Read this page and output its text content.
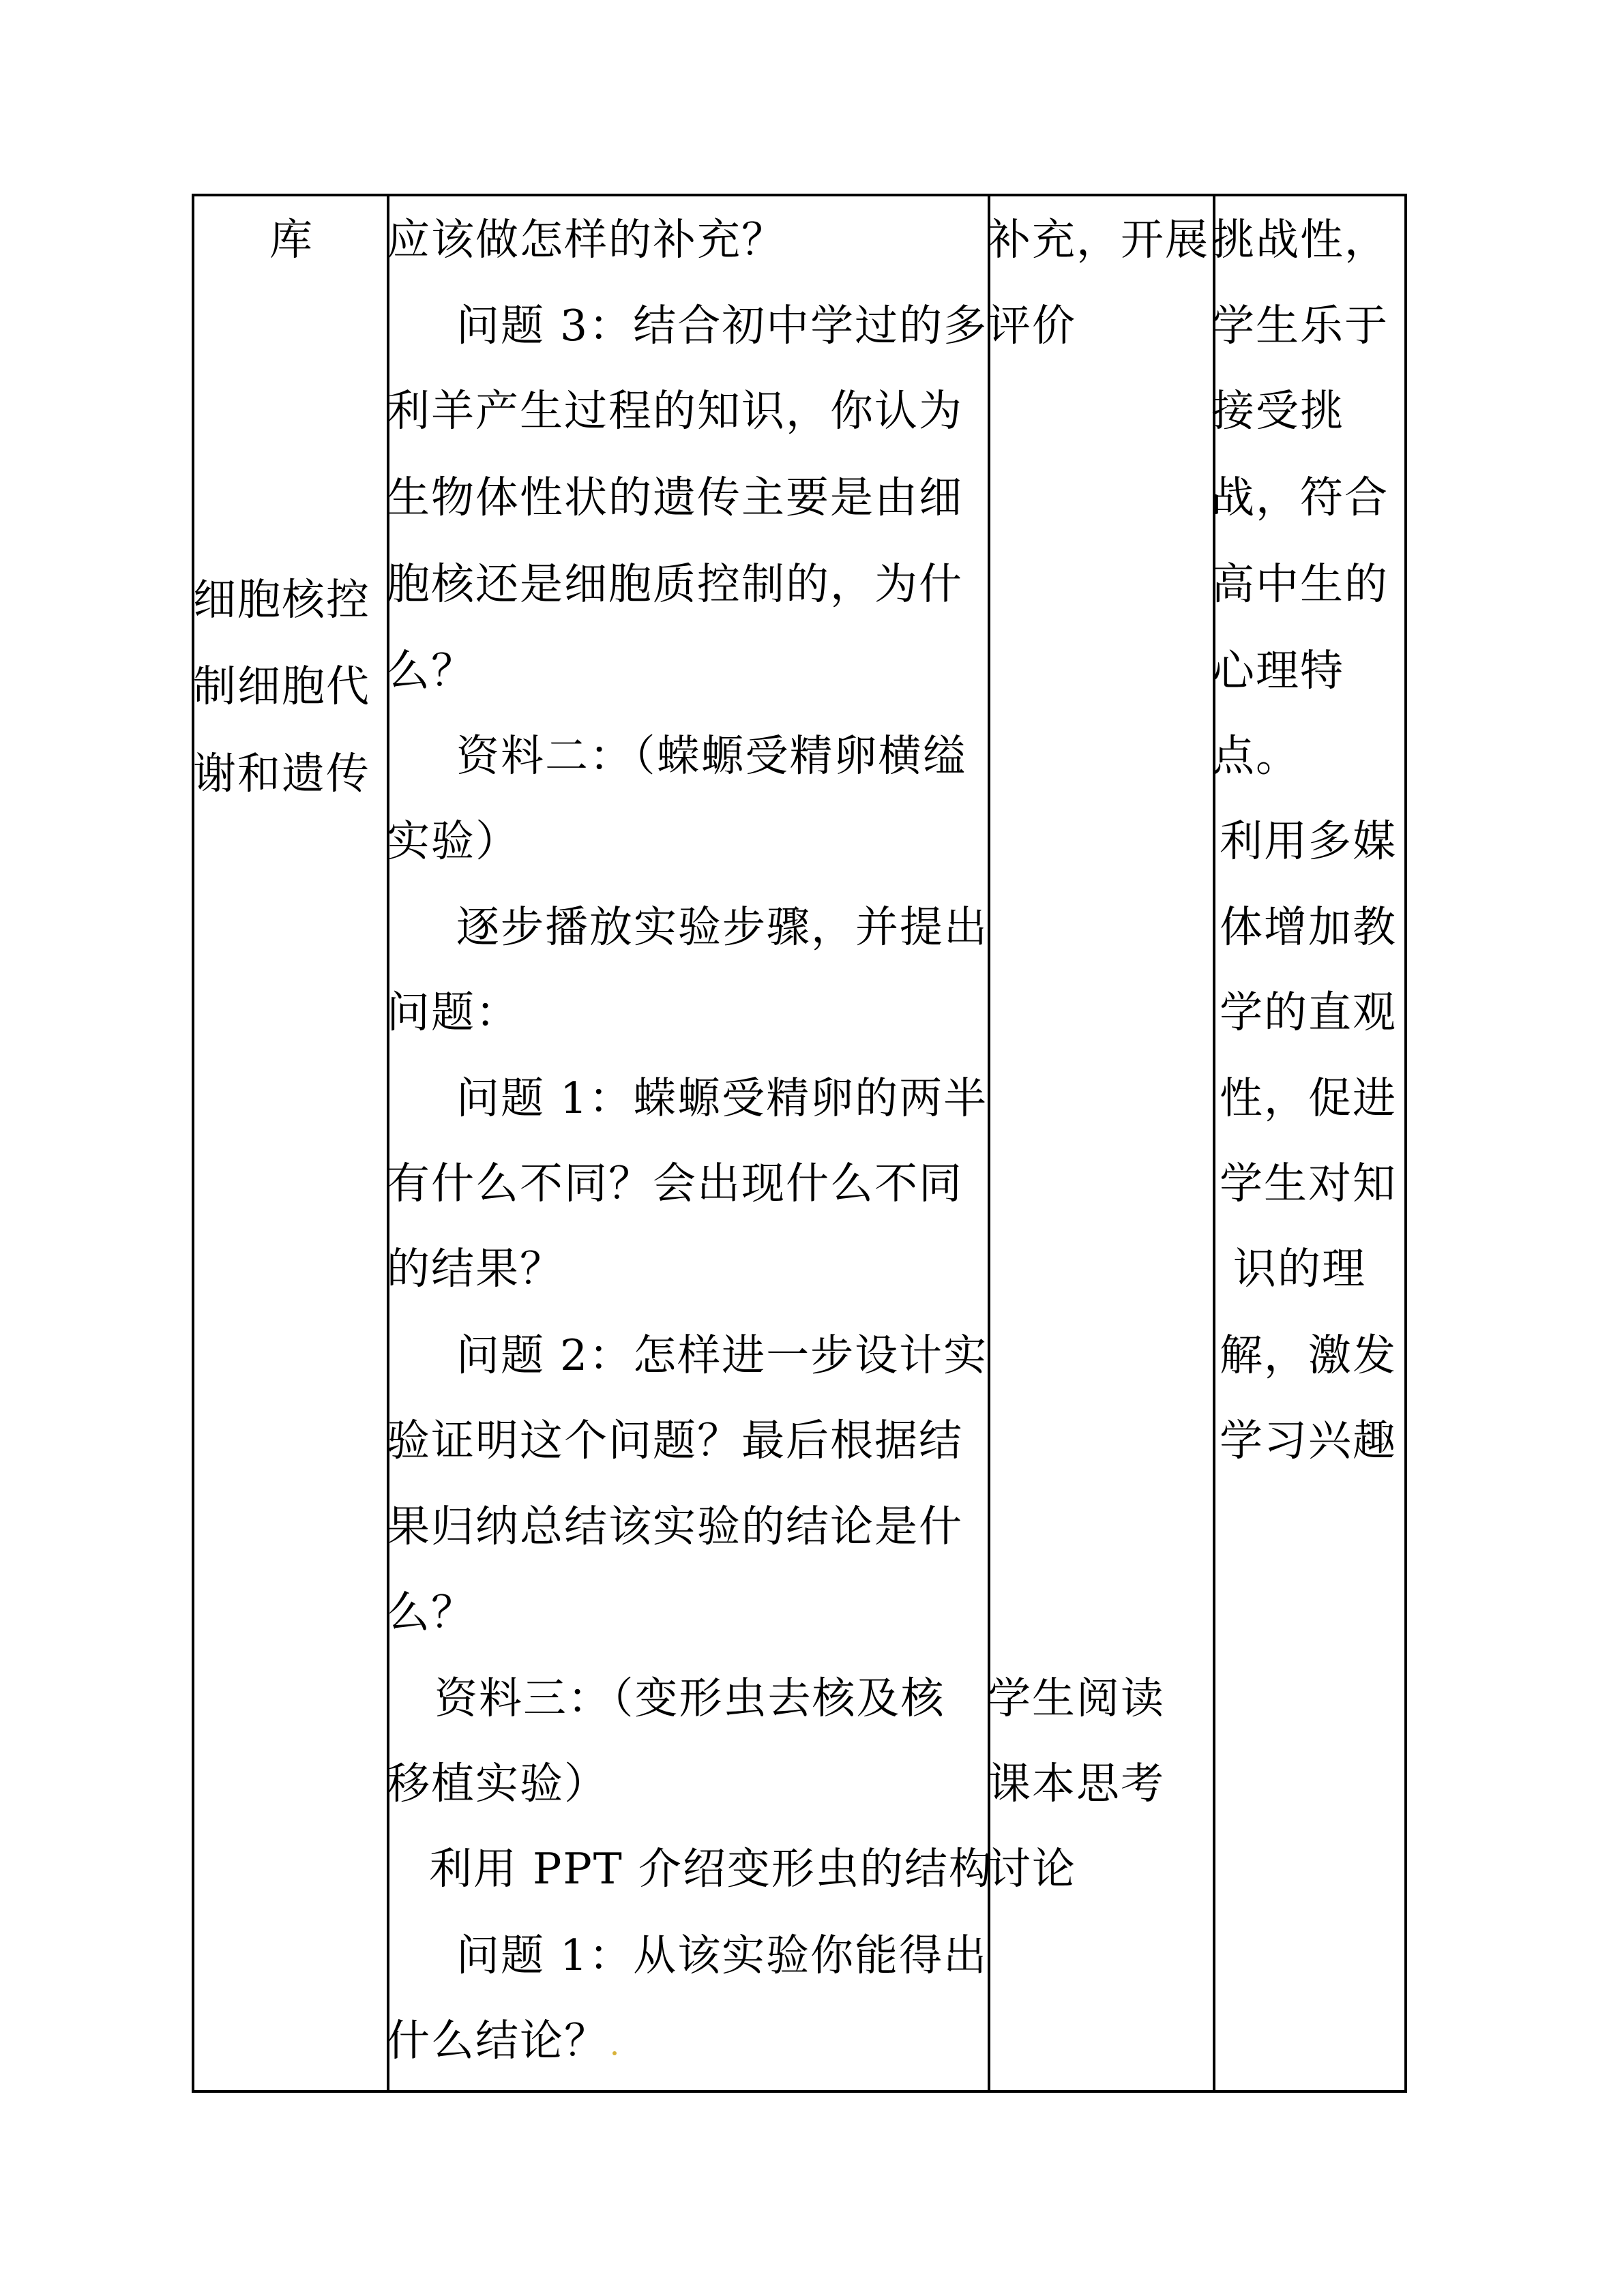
库
细胞核控
制细胞代
谢和遗传
应该做怎样的补充？
问题 3：结合初中学过的多
利羊产生过程的知识，你认为
生物体性状的遗传主要是由细
胞核还是细胞质控制的，为什
么？
资料二：（蝾螈受精卵横缢
实验）
逐步播放实验步骤，并提出
问题：
问题 1：蝾螈受精卵的两半
有什么不同？会出现什么不同
的结果？
问题 2：怎样进一步设计实
验证明这个问题？最后根据结
果归纳总结该实验的结论是什
么？
资料三：（变形虫去核及核
移植实验）
利用 PPT 介绍变形虫的结构
问题 1：从该实验你能得出
什么结论？
补充，开展
评价
学生阅读
课本思考
讨论
挑战性，
学生乐于
接受挑
战，符合
高中生的
心理特
点。
利用多媒
体增加教
学的直观
性，促进
学生对知
识的理
解，激发
学习兴趣
